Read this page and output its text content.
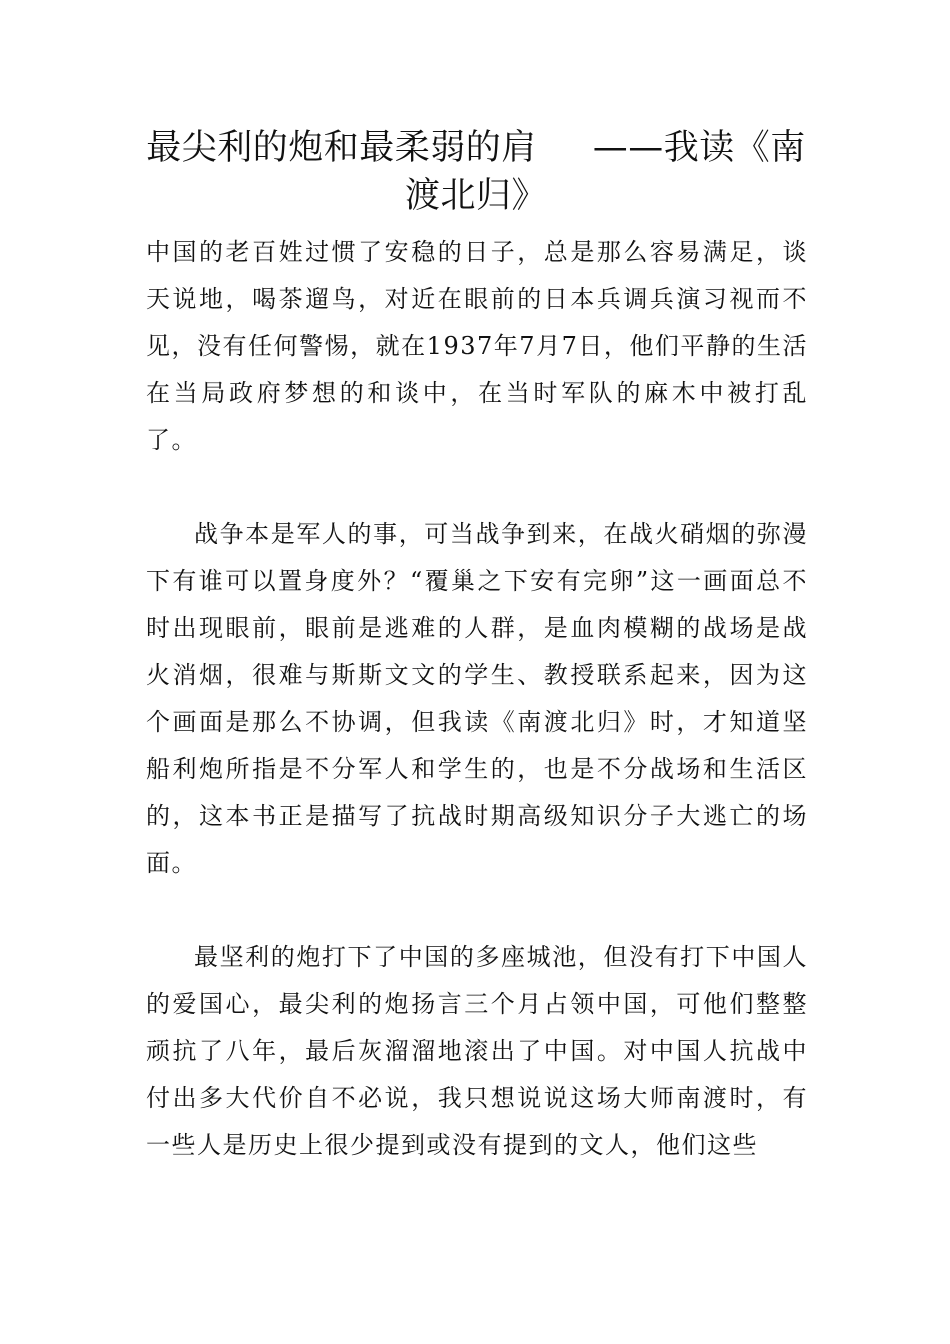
最尖利的炮和最柔弱的肩 ——我读《南渡北归》

中国的老百姓过惯了安稳的日子，总是那么容易满足，谈天说地，喝茶遛鸟，对近在眼前的日本兵调兵演习视而不见，没有任何警惕，就在1937年7月7日，他们平静的生活在当局政府梦想的和谈中，在当时军队的麻木中被打乱了。

战争本是军人的事，可当战争到来，在战火硝烟的弥漫下有谁可以置身度外？“覆巢之下安有完卵”这一画面总不时出现眼前，眼前是逃难的人群，是血肉模糊的战场是战火消烟，很难与斯斯文文的学生、教授联系起来，因为这个画面是那么不协调，但我读《南渡北归》时，才知道坚船利炮所指是不分军人和学生的，也是不分战场和生活区的，这本书正是描写了抗战时期高级知识分子大逃亡的场面。

最坚利的炮打下了中国的多座城池，但没有打下中国人的爱国心，最尖利的炮扬言三个月占领中国，可他们整整顽抗了八年，最后灰溜溜地滚出了中国。对中国人抗战中付出多大代价自不必说，我只想说说这场大师南渡时，有一些人是历史上很少提到或没有提到的文人，他们这些
